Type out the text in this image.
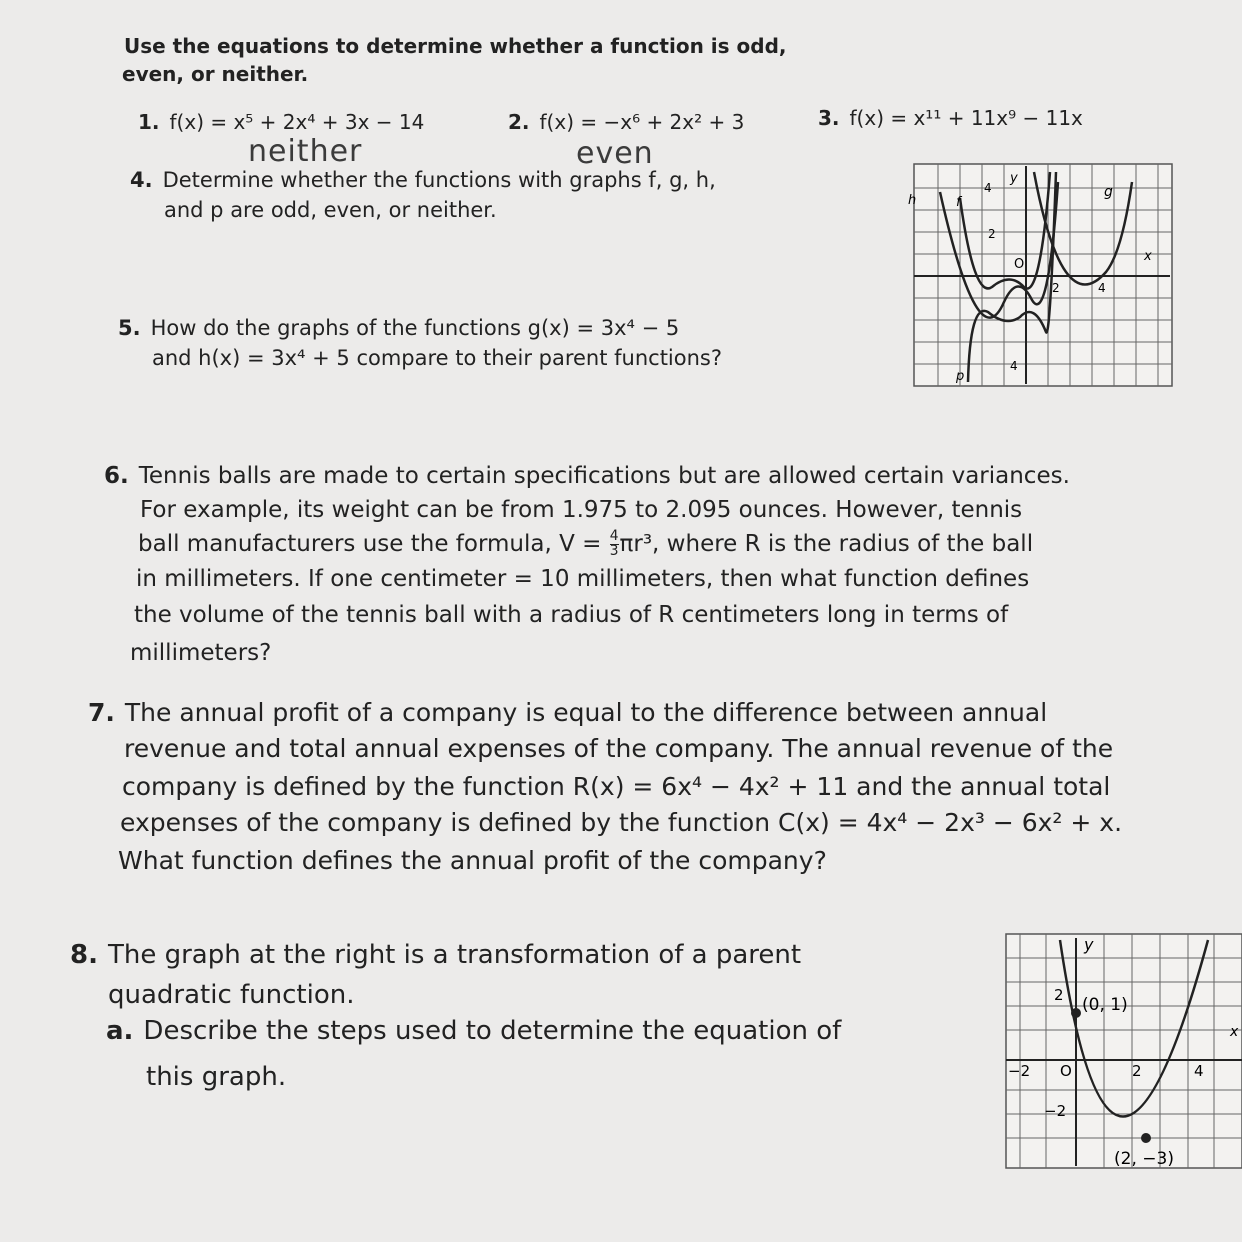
Use the equations to determine whether a function is odd,
even, or neither.
1. f(x) = x⁵ + 2x⁴ + 3x − 14
neither
2. f(x) = −x⁶ + 2x² + 3
even
3. f(x) = x¹¹ + 11x⁹ − 11x
4. Determine whether the functions with graphs f, g, h,
and p are odd, even, or neither.	h	f
g
y
x
O
p
4
2
2	4
4
5. How do the graphs of the functions g(x) = 3x⁴ − 5
and h(x) = 3x⁴ + 5 compare to their parent functions?
6. Tennis balls are made to certain specifications but are allowed certain variances.
For example, its weight can be from 1.975 to 2.095 ounces. However, tennis
ball manufacturers use the formula, $V = \frac{4}{3} \pi r^3$, where R is the radius of the ball
in millimeters. If one centimeter = 10 millimeters, then what function defines
the volume of the tennis ball with a radius of R centimeters long in terms of
millimeters?
7. The annual profit of a company is equal to the difference between annual
revenue and total annual expenses of the company. The annual revenue of the
company is defined by the function R(x) = 6x⁴ − 4x² + 11 and the annual total
expenses of the company is defined by the function C(x) = 4x⁴ − 2x³ − 6x² + x.
What function defines the annual profit of the company?
8. The graph at the right is a transformation of a parent
quadratic function.
a. Describe the steps used to determine the equation of
this graph.
y
(0, 1)
(2, −3)
2
−2 O	2	4
−2
x
